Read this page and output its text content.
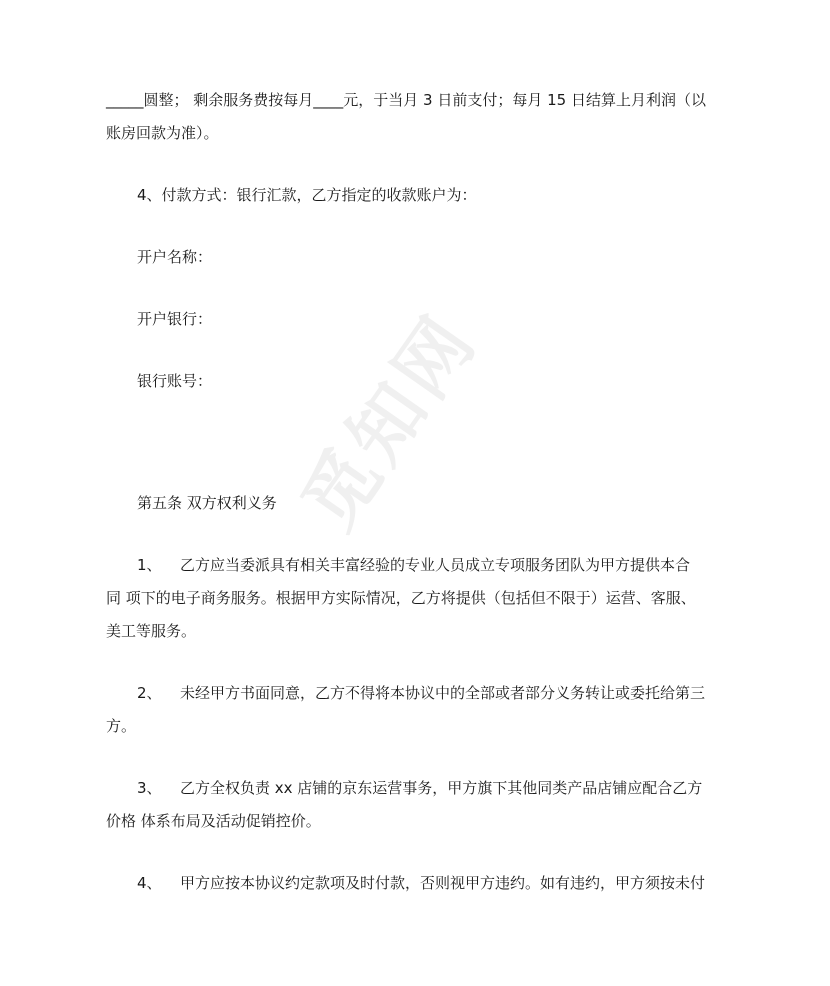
觅知网
_____圆整； 剩余服务费按每月____元，于当月 3 日前支付；每月 15 日结算上月利润（以
账房回款为准）。
4、付款方式：银行汇款，乙方指定的收款账户为：
开户名称：
开户银行：
银行账号：
第五条 双方权利义务
1、 乙方应当委派具有相关丰富经验的专业人员成立专项服务团队为甲方提供本合
同 项下的电子商务服务。根据甲方实际情况，乙方将提供（包括但不限于）运营、客服、
美工等服务。
2、 未经甲方书面同意，乙方不得将本协议中的全部或者部分义务转让或委托给第三
方。
3、 乙方全权负责 xx 店铺的京东运营事务，甲方旗下其他同类产品店铺应配合乙方
价格 体系布局及活动促销控价。
4、 甲方应按本协议约定款项及时付款，否则视甲方违约。如有违约，甲方须按未付
